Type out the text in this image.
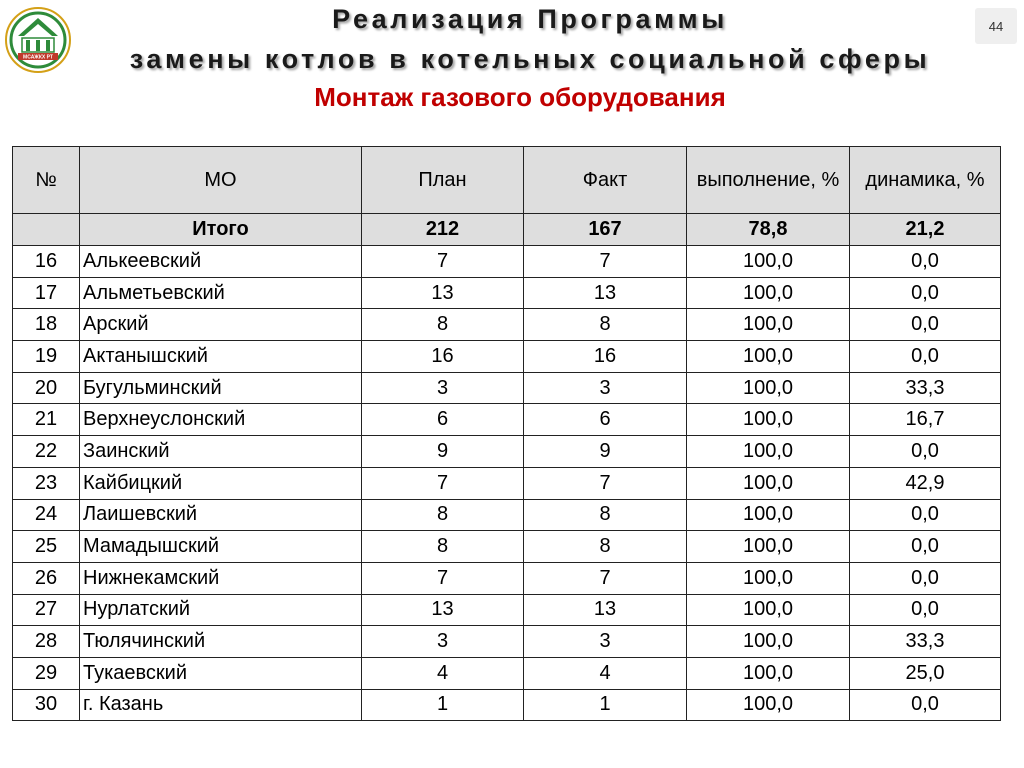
МСАЖКХ РТ
Реализация Программы
замены котлов в котельных социальной сферы
Монтаж газового оборудования
44
№	МО	План	Факт	выполнение, %	динамика, %
	Итого	212	167	78,8	21,2
16	Алькеевский	7	7	100,0	0,0
17	Альметьевский	13	13	100,0	0,0
18	Арский	8	8	100,0	0,0
19	Актанышский	16	16	100,0	0,0
20	Бугульминский	3	3	100,0	33,3
21	Верхнеуслонский	6	6	100,0	16,7
22	Заинский	9	9	100,0	0,0
23	Кайбицкий	7	7	100,0	42,9
24	Лаишевский	8	8	100,0	0,0
25	Мамадышский	8	8	100,0	0,0
26	Нижнекамский	7	7	100,0	0,0
27	Нурлатский	13	13	100,0	0,0
28	Тюлячинский	3	3	100,0	33,3
29	Тукаевский	4	4	100,0	25,0
30	г. Казань	1	1	100,0	0,0
